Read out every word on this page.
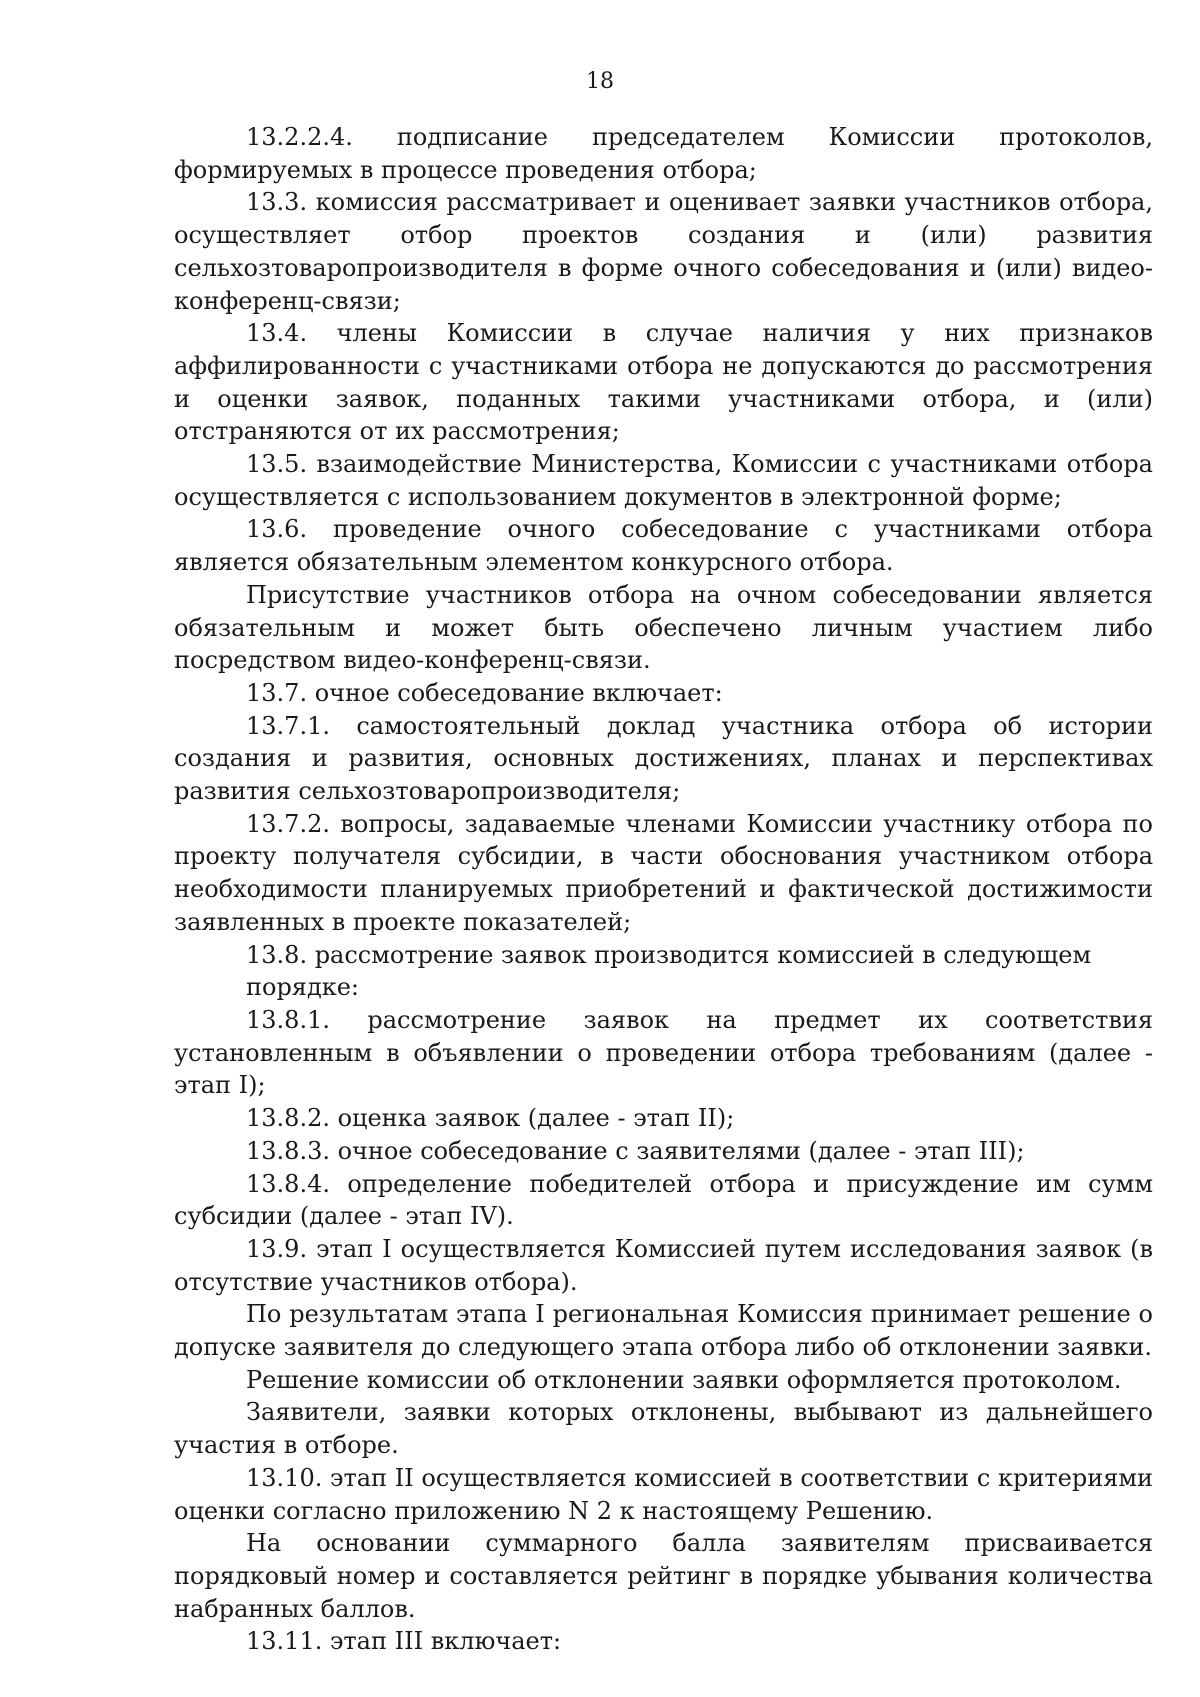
18

13.2.2.4. подписание председателем Комиссии протоколов, формируемых в процессе проведения отбора;

13.3. комиссия рассматривает и оценивает заявки участников отбора, осуществляет отбор проектов создания и (или) развития сельхозтоваропроизводителя в форме очного собеседования и (или) видео-конференц-связи;

13.4. члены Комиссии в случае наличия у них признаков аффилированности с участниками отбора не допускаются до рассмотрения и оценки заявок, поданных такими участниками отбора, и (или) отстраняются от их рассмотрения;

13.5. взаимодействие Министерства, Комиссии с участниками отбора осуществляется с использованием документов в электронной форме;

13.6. проведение очного собеседование с участниками отбора является обязательным элементом конкурсного отбора.

Присутствие участников отбора на очном собеседовании является обязательным и может быть обеспечено личным участием либо посредством видео-конференц-связи.

13.7. очное собеседование включает:

13.7.1. самостоятельный доклад участника отбора об истории создания и развития, основных достижениях, планах и перспективах развития сельхозтоваропроизводителя;

13.7.2. вопросы, задаваемые членами Комиссии участнику отбора по проекту получателя субсидии, в части обоснования участником отбора необходимости планируемых приобретений и фактической достижимости заявленных в проекте показателей;

13.8. рассмотрение заявок производится комиссией в следующем порядке:

13.8.1. рассмотрение заявок на предмет их соответствия установленным в объявлении о проведении отбора требованиям (далее - этап I);

13.8.2. оценка заявок (далее - этап II);

13.8.3. очное собеседование с заявителями (далее - этап III);

13.8.4. определение победителей отбора и присуждение им сумм субсидии (далее - этап IV).

13.9. этап I осуществляется Комиссией путем исследования заявок (в отсутствие участников отбора).

По результатам этапа I региональная Комиссия принимает решение о допуске заявителя до следующего этапа отбора либо об отклонении заявки.

Решение комиссии об отклонении заявки оформляется протоколом.

Заявители, заявки которых отклонены, выбывают из дальнейшего участия в отборе.

13.10. этап II осуществляется комиссией в соответствии с критериями оценки согласно приложению N 2 к настоящему Решению.

На основании суммарного балла заявителям присваивается порядковый номер и составляется рейтинг в порядке убывания количества набранных баллов.

13.11. этап III включает:
